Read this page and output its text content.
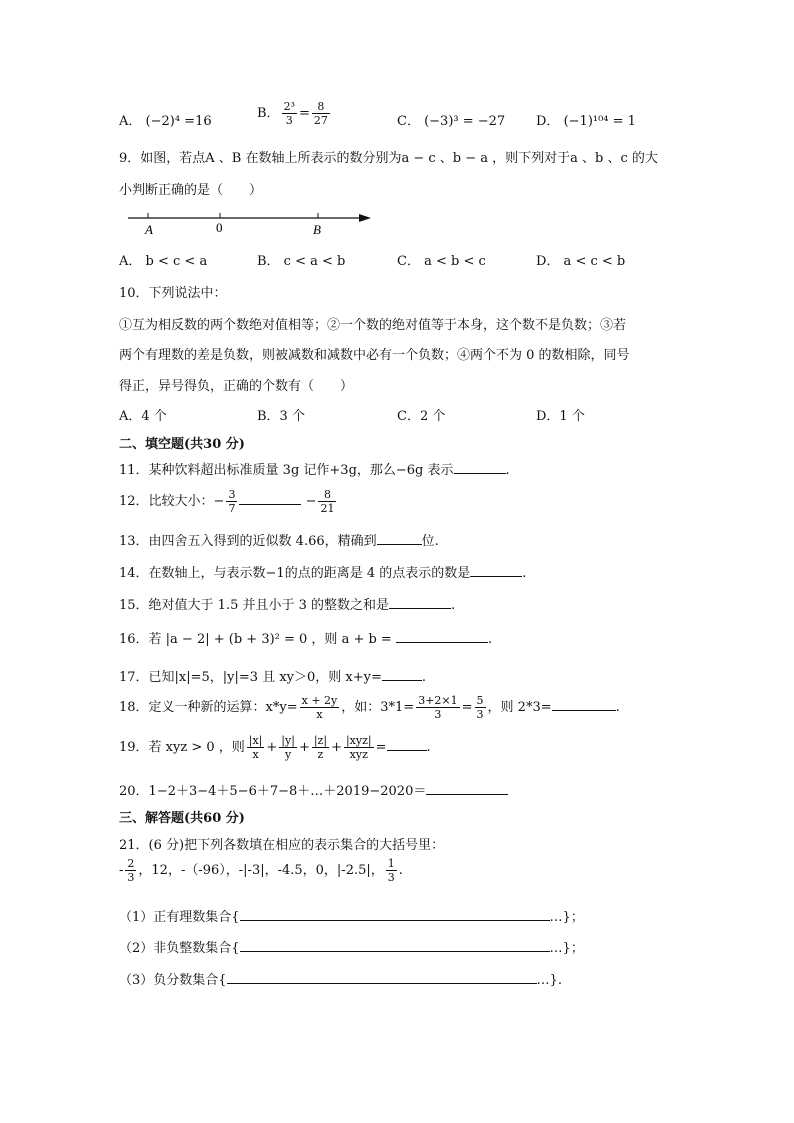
A． (−2)⁴ =16
B． $\frac{\text{2³}}{3} = \frac{8}{27}$	C． (−3)³ = −27 D． (−1)¹⁰⁴ = 1
9．如图，若点A 、B 在数轴上所表示的数分别为a − c 、b − a ，则下列对于a 、b 、c 的大
小判断正确的是（　　）
A	0	B
A． b < c < a	B． c < a < b	C． a < b < c	D． a < c < b
10．下列说法中：
①互为相反数的两个数绝对值相等；②一个数的绝对值等于本身，这个数不是负数；③若
两个有理数的差是负数，则被减数和减数中必有一个负数；④两个不为 0 的数相除，同号
得正，异号得负，正确的个数有（　　）
A．4 个	B．3 个	C．2 个	D．1 个
二、填空题(共30 分)
11．某种饮料超出标准质量 3g 记作+3g，那么−6g 表示	.
12．比较大小：− $\frac{3}{7}$	− $\frac{8}{21}$
13．由四舍五入得到的近似数 4.66，精确到	位.
14．在数轴上，与表示数−1的点的距离是 4 的点表示的数是	.
15．绝对值大于 1.5 并且小于 3 的整数之和是	.
16．若 |a − 2| + (b + 3)² = 0 ，则 a + b =	.
17．已知|x|=5，|y|=3 且 xy＞0，则 x+y=	.
18．定义一种新的运算：$x*y= \frac{x + 2y}{x}$ ，如：$3*1= \frac{3+2\times 1}{3} = \frac{5}{3}$ ，则 2*3=	.
19．若 xyz > 0 ，则 $\frac{|x|}{x} + \frac{|y|}{y} + \frac{|z|}{z} + \frac{\text{|xyz|}}{\text{xyz}}$ =	.
20．1−2＋3−4＋5−6＋7−8＋…＋2019−2020＝
三、解答题(共60 分)
21．(6 分)把下列各数填在相应的表示集合的大括号里：
- $\frac{2}{3}$ ，12，-（-96），-|-3|，-4.5，0，|-2.5|， $\frac{1}{3}$ .
（1）正有理数集合{	…}；
（2）非负整数集合{	…}；
（3）负分数集合{	…}.
